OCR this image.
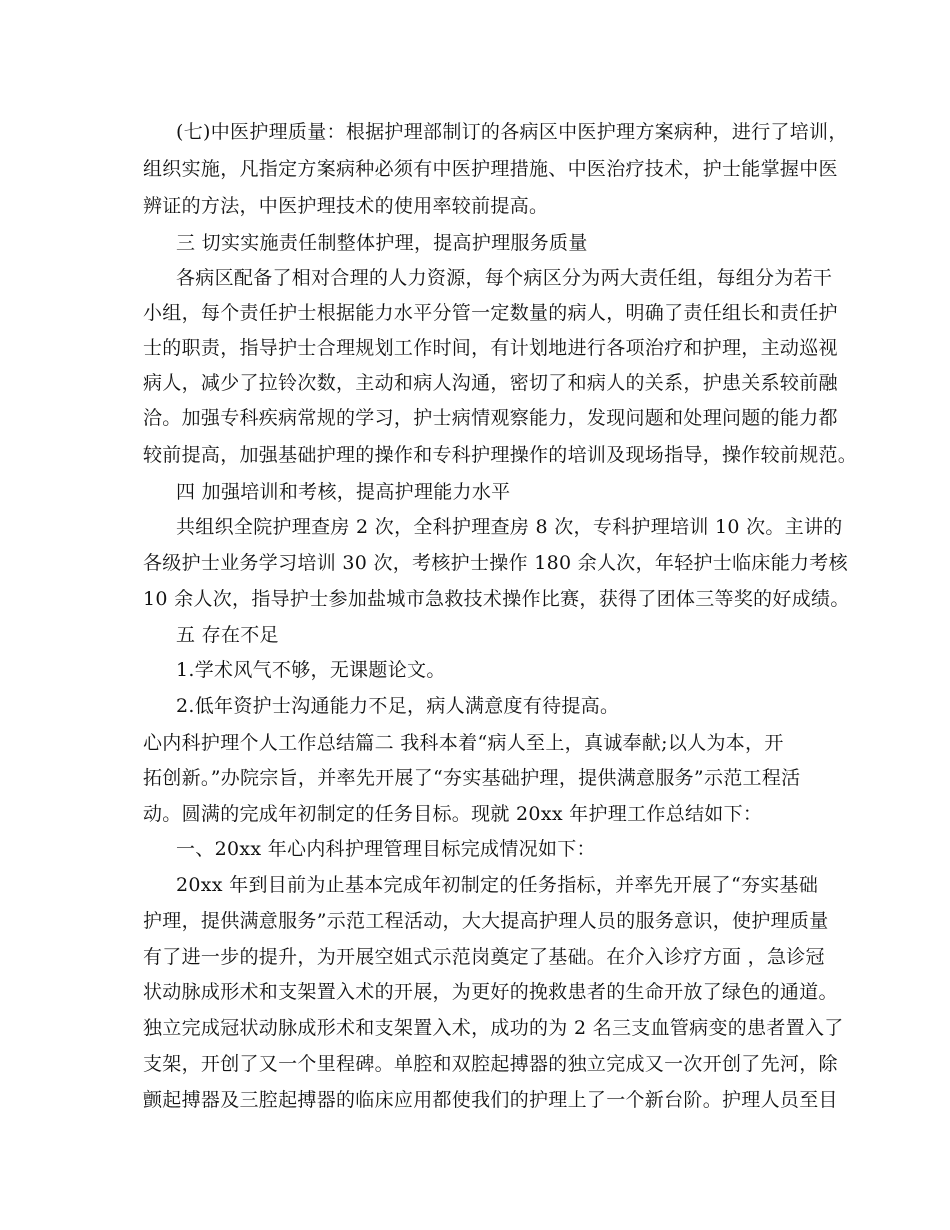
(七)中医护理质量：根据护理部制订的各病区中医护理方案病种，进行了培训，
组织实施，凡指定方案病种必须有中医护理措施、中医治疗技术，护士能掌握中医
辨证的方法，中医护理技术的使用率较前提高。
三 切实实施责任制整体护理，提高护理服务质量
各病区配备了相对合理的人力资源，每个病区分为两大责任组，每组分为若干
小组，每个责任护士根据能力水平分管一定数量的病人，明确了责任组长和责任护
士的职责，指导护士合理规划工作时间，有计划地进行各项治疗和护理，主动巡视
病人，减少了拉铃次数，主动和病人沟通，密切了和病人的关系，护患关系较前融
洽。加强专科疾病常规的学习，护士病情观察能力，发现问题和处理问题的能力都
较前提高，加强基础护理的操作和专科护理操作的培训及现场指导，操作较前规范。
四 加强培训和考核，提高护理能力水平
共组织全院护理查房 2 次，全科护理查房 8 次，专科护理培训 10 次。主讲的
各级护士业务学习培训 30 次，考核护士操作 180 余人次，年轻护士临床能力考核
10 余人次，指导护士参加盐城市急救技术操作比赛，获得了团体三等奖的好成绩。
五 存在不足
1.学术风气不够，无课题论文。
2.低年资护士沟通能力不足，病人满意度有待提高。
心内科护理个人工作总结篇二 我科本着“病人至上，真诚奉献;以人为本，开
拓创新。”办院宗旨，并率先开展了“夯实基础护理，提供满意服务”示范工程活
动。圆满的完成年初制定的任务目标。现就 20xx 年护理工作总结如下：
一、20xx 年心内科护理管理目标完成情况如下：
20xx 年到目前为止基本完成年初制定的任务指标，并率先开展了“夯实基础
护理，提供满意服务”示范工程活动，大大提高护理人员的服务意识，使护理质量
有了进一步的提升，为开展空姐式示范岗奠定了基础。在介入诊疗方面 ，急诊冠
状动脉成形术和支架置入术的开展，为更好的挽救患者的生命开放了绿色的通道。
独立完成冠状动脉成形术和支架置入术，成功的为 2 名三支血管病变的患者置入了
支架，开创了又一个里程碑。单腔和双腔起搏器的独立完成又一次开创了先河，除
颤起搏器及三腔起搏器的临床应用都使我们的护理上了一个新台阶。护理人员至目
